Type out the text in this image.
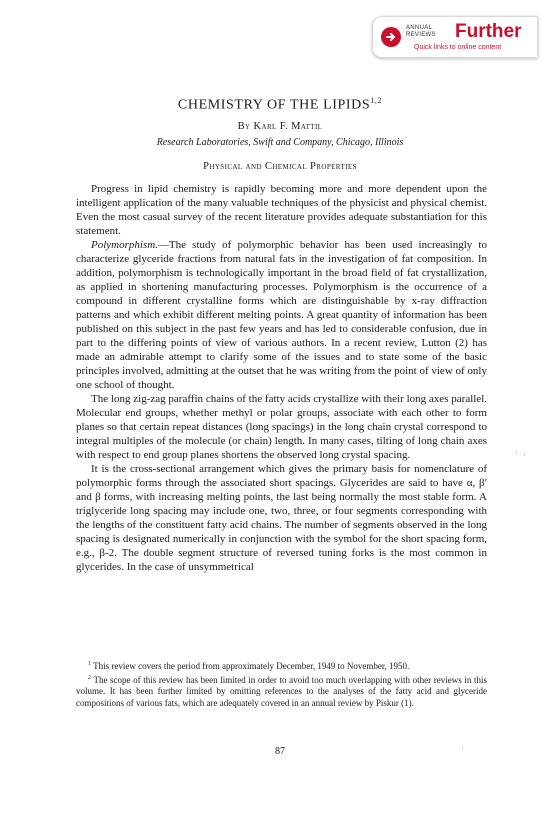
ANNUAL
REVIEWS	Further
Quick links to online content
CHEMISTRY OF THE LIPIDS$^{1,2}$
By Karl F. Mattil
Research Laboratories, Swift and Company, Chicago, Illinois
Physical and Chemical Properties

Progress in lipid chemistry is rapidly becoming more and more dependent upon the intelligent application of the many valuable techniques of the physicist and physical chemist. Even the most casual survey of the recent literature provides adequate substantiation for this statement.

Polymorphism.—The study of polymorphic behavior has been used increasingly to characterize glyceride fractions from natural fats in the investigation of fat composition. In addition, polymorphism is technologically important in the broad field of fat crystallization, as applied in shortening manufacturing processes. Polymorphism is the occurrence of a compound in different crystalline forms which are distinguishable by x-ray diffraction patterns and which exhibit different melting points. A great quantity of information has been published on this subject in the past few years and has led to considerable confusion, due in part to the differing points of view of various authors. In a recent review, Lutton (2) has made an admirable attempt to clarify some of the issues and to state some of the basic principles involved, admitting at the outset that he was writing from the point of view of only one school of thought.

The long zig-zag paraffin chains of the fatty acids crystallize with their long axes parallel. Molecular end groups, whether methyl or polar groups, associate with each other to form planes so that certain repeat distances (long spacings) in the long chain crystal correspond to integral multiples of the molecule (or chain) length. In many cases, tilting of long chain axes with respect to end group planes shortens the observed long crystal spacing.

It is the cross-sectional arrangement which gives the primary basis for nomenclature of polymorphic forms through the associated short spacings. Glycerides are said to have α, β′ and β forms, with increasing melting points, the last being normally the most stable form. A triglyceride long spacing may include one, two, three, or four segments corresponding with the lengths of the constituent fatty acid chains. The number of segments observed in the long spacing is designated numerically in conjunction with the symbol for the short spacing form, e.g., β-2. The double segment structure of reversed tuning forks is the most common in glycerides. In the case of unsymmetrical

$^1$ This review covers the period from approximately December, 1949 to November, 1950.

$^2$ The scope of this review has been limited in order to avoid too much overlapping with other reviews in this volume. It has been further limited by omitting references to the analyses of the fatty acid and glyceride compositions of various fats, which are adequately covered in an annual review by Piskur (1).

87
